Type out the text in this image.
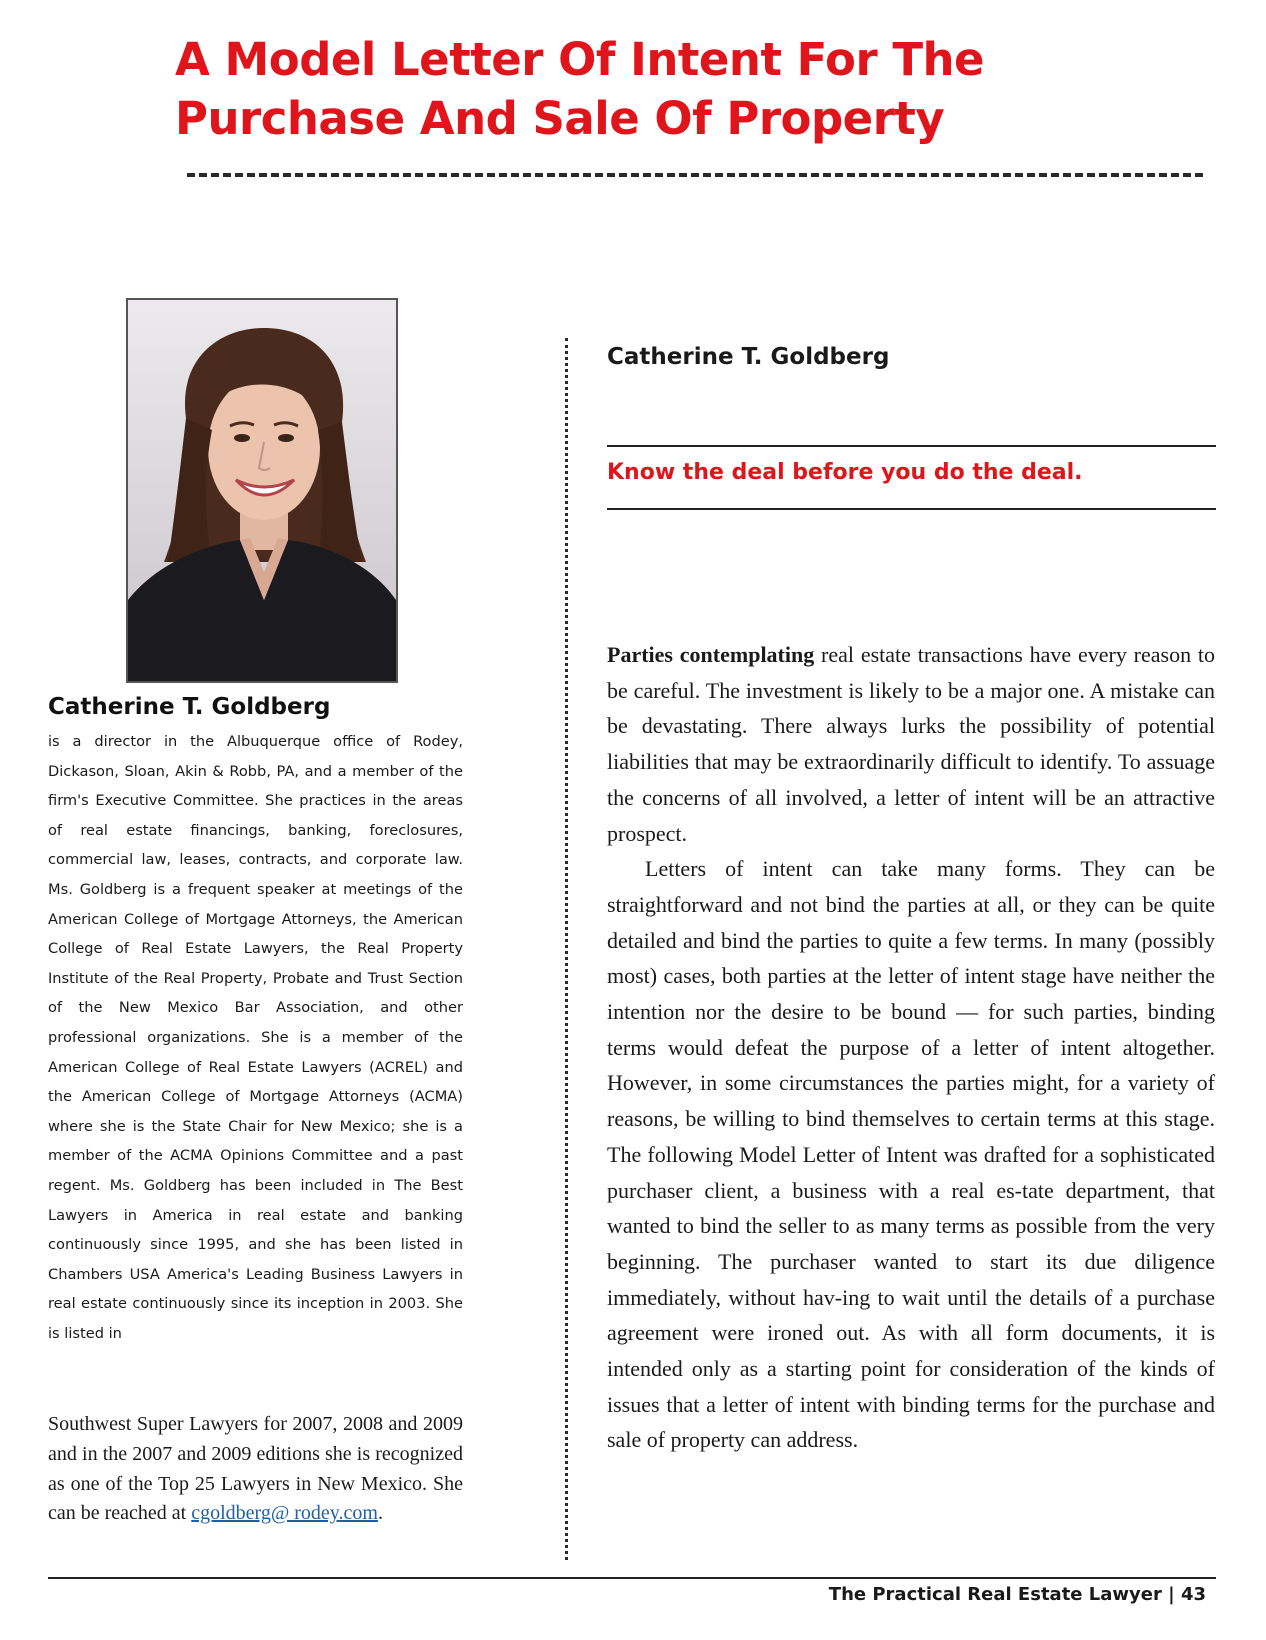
A Model Letter Of Intent For The
Purchase And Sale Of Property
Catherine T. Goldberg

is a director in the Albuquerque office of Rodey, Dickason, Sloan, Akin & Robb, PA, and a member of the firm's Executive Committee. She practices in the areas of real estate financings, banking, foreclosures, commercial law, leases, contracts, and corporate law. Ms. Goldberg is a frequent speaker at meetings of the American College of Mortgage Attorneys, the American College of Real Estate Lawyers, the Real Property Institute of the Real Property, Probate and Trust Section of the New Mexico Bar Association, and other professional organizations. She is a member of the American College of Real Estate Lawyers (ACREL) and the American College of Mortgage Attorneys (ACMA) where she is the State Chair for New Mexico; she is a member of the ACMA Opinions Committee and a past regent. Ms. Goldberg has been included in The Best Lawyers in America in real estate and banking continuously since 1995, and she has been listed in Chambers USA America's Leading Business Lawyers in real estate continuously since its inception in 2003. She is listed in

Southwest Super Lawyers for 2007, 2008 and 2009 and in the 2007 and 2009 editions she is recognized as one of the Top 25 Lawyers in New Mexico. She can be reached at cgoldberg@ rodey.com.

Catherine T. Goldberg

Know the deal before you do the deal.

Parties contemplating real estate transactions have every reason to be careful. The investment is likely to be a major one. A mistake can be devastating. There always lurks the possibility of potential liabilities that may be extraordinarily difficult to identify. To assuage the concerns of all involved, a letter of intent will be an attractive prospect.

Letters of intent can take many forms. They can be straightforward and not bind the parties at all, or they can be quite detailed and bind the parties to quite a few terms. In many (possibly most) cases, both parties at the letter of intent stage have neither the intention nor the desire to be bound — for such parties, binding terms would defeat the purpose of a letter of intent altogether. However, in some circumstances the parties might, for a variety of reasons, be willing to bind themselves to certain terms at this stage. The following Model Letter of Intent was drafted for a sophisticated purchaser client, a business with a real es-tate department, that wanted to bind the seller to as many terms as possible from the very beginning. The purchaser wanted to start its due diligence immediately, without hav-ing to wait until the details of a purchase agreement were ironed out. As with all form documents, it is intended only as a starting point for consideration of the kinds of issues that a letter of intent with binding terms for the purchase and sale of property can address.

The Practical Real Estate Lawyer | 43
